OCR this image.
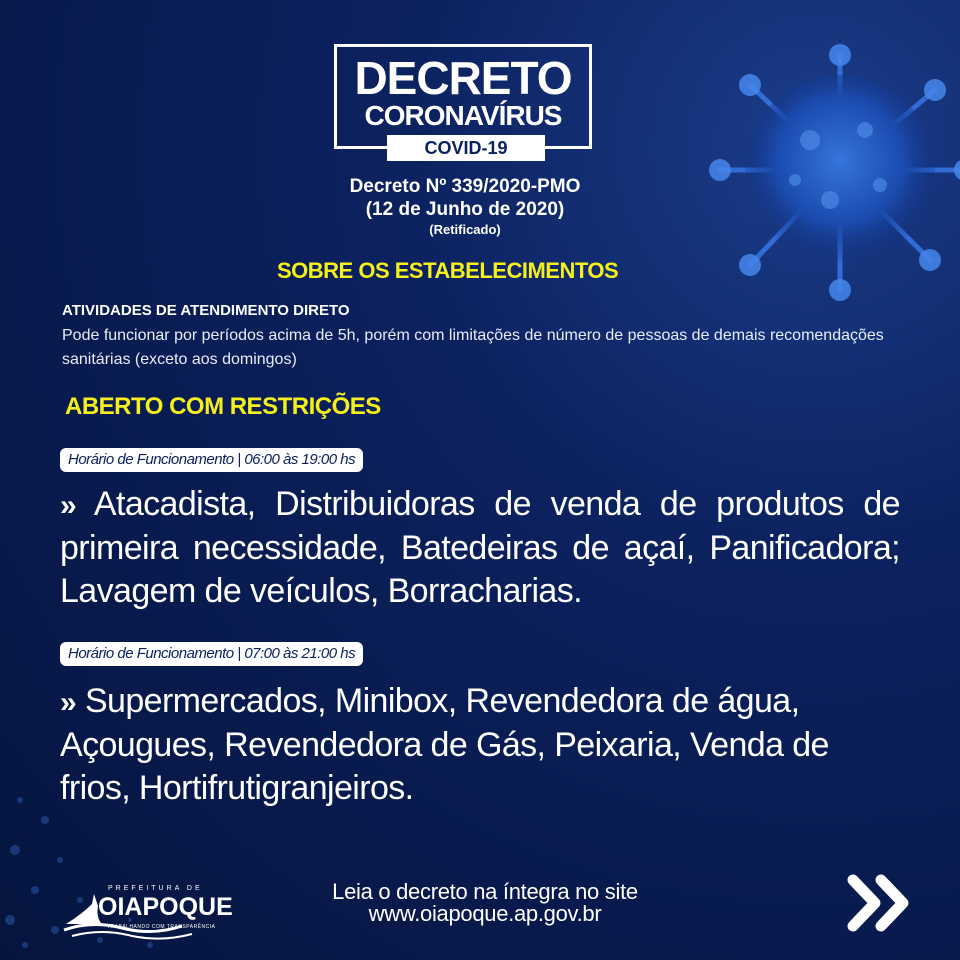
DECRETO
CORONAVÍRUS
COVID-19
Decreto Nº 339/2020-PMO
(12 de Junho de 2020)
(Retificado)
SOBRE OS ESTABELECIMENTOS
ATIVIDADES DE ATENDIMENTO DIRETO
Pode funcionar por períodos acima de 5h, porém com limitações de número de pessoas de demais recomendações sanitárias (exceto aos domingos)
ABERTO COM RESTRIÇÕES
Horário de Funcionamento | 06:00 às 19:00 hs
» Atacadista, Distribuidoras de venda de produtos de primeira necessidade, Batedeiras de açaí, Panificadora; Lavagem de veículos, Borracharias.
Horário de Funcionamento | 07:00 às 21:00 hs
» Supermercados, Minibox, Revendedora de água, Açougues, Revendedora de Gás, Peixaria, Venda de frios, Hortifrutigranjeiros.
PREFEITURA DE
OIAPOQUE
TRABALHANDO COM TRANSPARÊNCIA
Leia o decreto na íntegra no site
www.oiapoque.ap.gov.br
